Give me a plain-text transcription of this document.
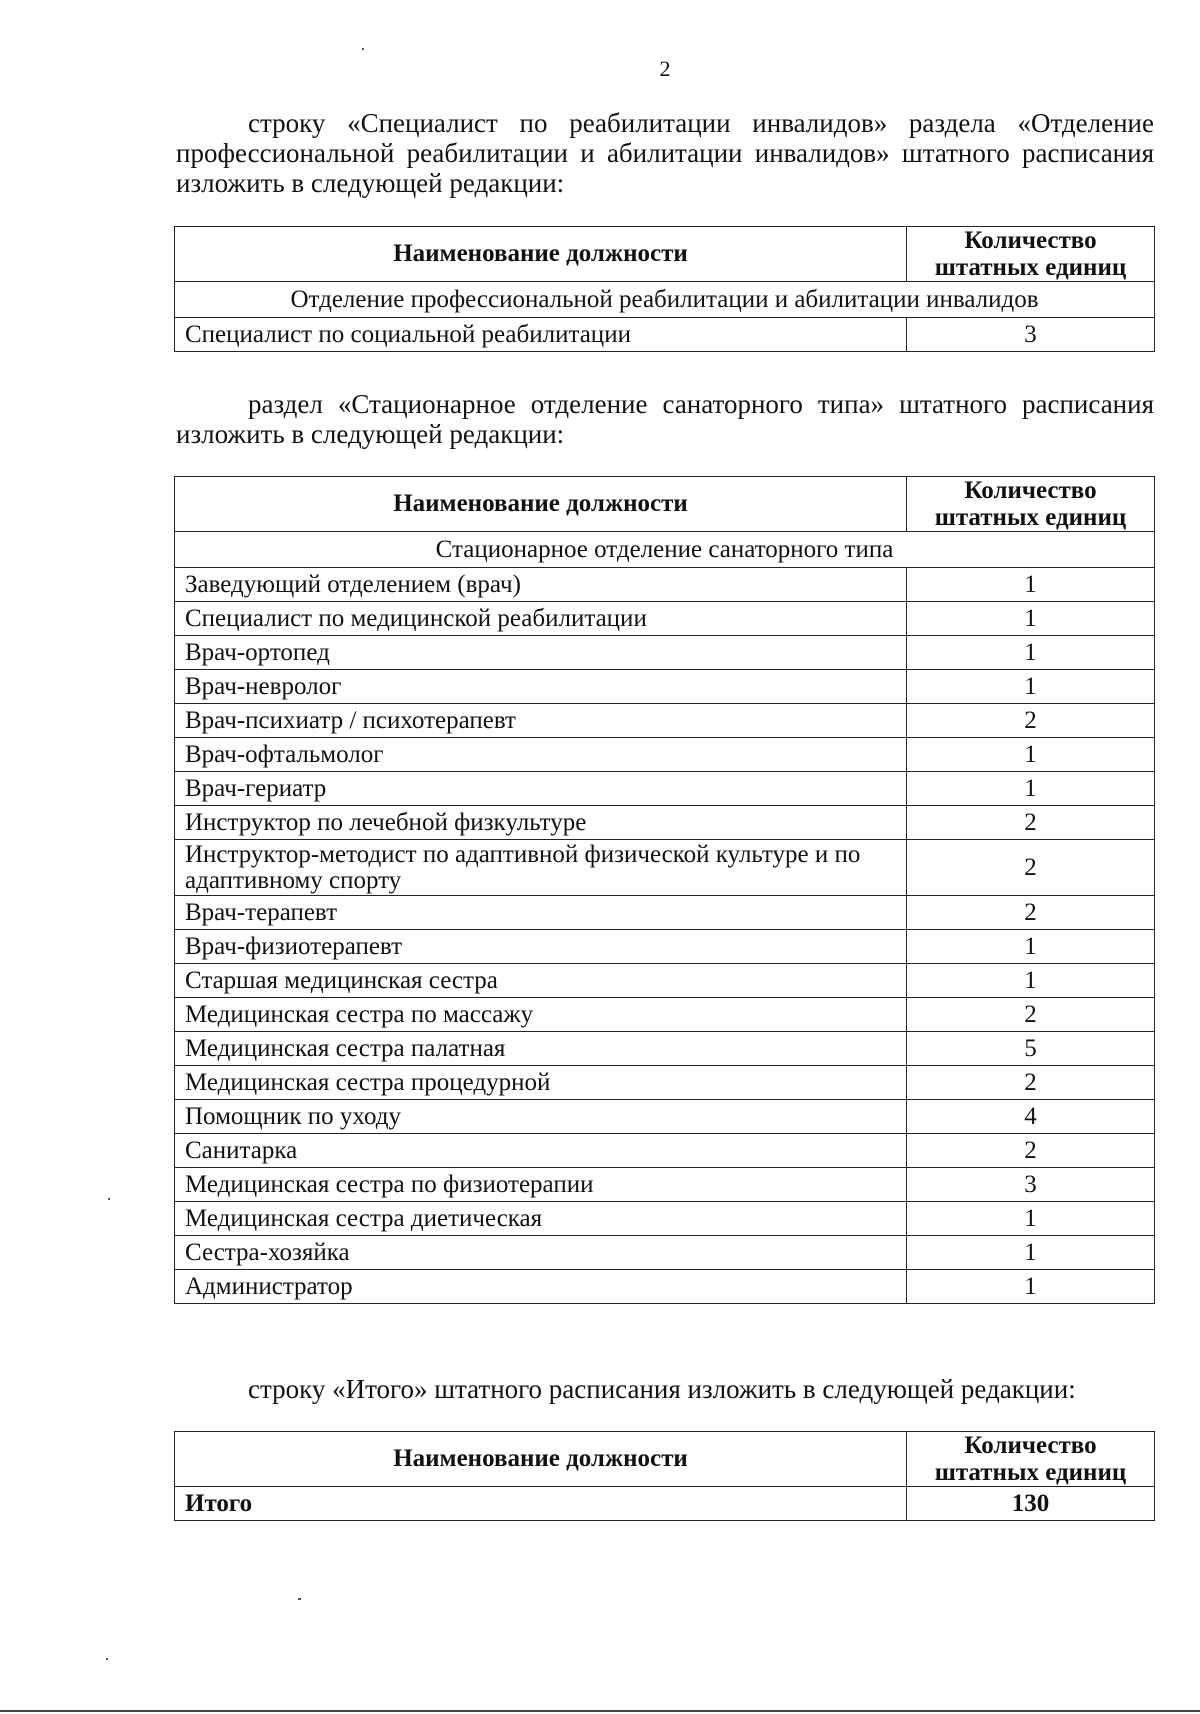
2

строку «Специалист по реабилитации инвалидов» раздела «Отделение профессиональной реабилитации и абилитации инвалидов» штатного расписания изложить в следующей редакции:

Наименование должности	Количество штатных единиц
Отделение профессиональной реабилитации и абилитации инвалидов	
Специалист по социальной реабилитации	3

раздел «Стационарное отделение санаторного типа» штатного расписания изложить в следующей редакции:

Наименование должности	Количество штатных единиц
Стационарное отделение санаторного типа	
Заведующий отделением (врач)	1
Специалист по медицинской реабилитации	1
Врач-ортопед	1
Врач-невролог	1
Врач-психиатр / психотерапевт	2
Врач-офтальмолог	1
Врач-гериатр	1
Инструктор по лечебной физкультуре	2
Инструктор-методист по адаптивной физической культуре и по адаптивному спорту	2
Врач-терапевт	2
Врач-физиотерапевт	1
Старшая медицинская сестра	1
Медицинская сестра по массажу	2
Медицинская сестра палатная	5
Медицинская сестра процедурной	2
Помощник по уходу	4
Санитарка	2
Медицинская сестра по физиотерапии	3
Медицинская сестра диетическая	1
Сестра-хозяйка	1
Администратор	1

строку «Итого» штатного расписания изложить в следующей редакции:

Наименование должности	Количество штатных единиц
Итого	130
